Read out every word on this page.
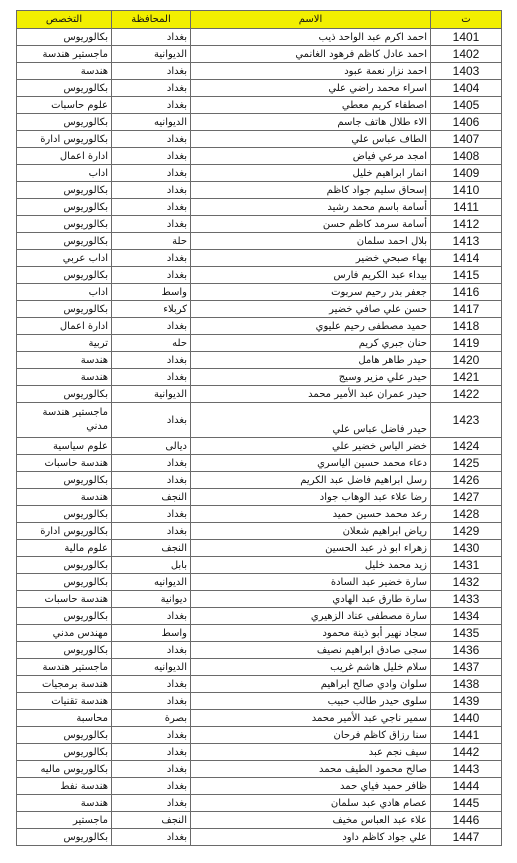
ت	الاسم	المحافظة	التخصص
1401	احمد اكرم عبد الواحد ذيب	بغداد	بكالوريوس
1402	احمد عادل كاظم فرهود الغانمي	الديوانية	ماجستير هندسة
1403	احمد نزار نعمة عبود	بغداد	هندسة
1404	اسراء محمد راضي علي	بغداد	بكالوريوس
1405	اصطفاء كريم معطي	بغداد	علوم حاسبات
1406	الاء طلال هاتف جاسم	الديوانيه	بكالوريوس
1407	الطاف عباس علي	بغداد	بكالوريوس ادارة
1408	امجد مرعي فياض	بغداد	ادارة اعمال
1409	انمار ابراهيم خليل	بغداد	اداب
1410	إسحاق سليم جواد كاظم	بغداد	بكالوريوس
1411	أسامة باسم محمد رشيد	بغداد	بكالوريوس
1412	أسامة سرمد كاظم حسن	بغداد	بكالوريوس
1413	بلال احمد سلمان	حلة	بكالوريوس
1414	بهاء صبحي خضير	بغداد	اداب عربي
1415	بيداء عبد الكريم فارس	بغداد	بكالوريوس
1416	جعفر بدر رحيم سربوت	واسط	اداب
1417	حسن علي صافي خضير	كربلاء	بكالوريوس
1418	حميد مصطفى رحيم عليوي	بغداد	ادارة اعمال
1419	حنان جبري كريم	حله	تربية
1420	حيدر طاهر هامل	بغداد	هندسة
1421	حيدر علي مزير وسيج	بغداد	هندسة
1422	حيدر عمران عبد الأمير محمد	الديوانية	بكالوريوس
1423	حيدر فاضل عباس علي	بغداد	ماجستير هندسة مدني
1424	خضر الياس خضير علي	ديالى	علوم سياسية
1425	دعاء محمد حسين الياسري	بغداد	هندسة حاسبات
1426	رسل ابراهيم فاضل عبد الكريم	بغداد	بكالوريوس
1427	رضا علاء عبد الوهاب جواد	النجف	هندسة
1428	رعد محمد حسين حميد	بغداد	بكالوريوس
1429	رياض ابراهيم شعلان	بغداد	بكالوريوس ادارة
1430	زهراء ابو ذر عبد الحسين	النجف	علوم مالية
1431	زيد محمد خليل	بابل	بكالوريوس
1432	سارة خضير عبد السادة	الديوانيه	بكالوريوس
1433	سارة طارق عبد الهادي	ديوانية	هندسة حاسبات
1434	سارة مصطفى عناد الزهيري	بغداد	بكالوريوس
1435	سجاد نهير أبو ذينة محمود	واسط	مهندس مدني
1436	سجى صادق ابراهيم نصيف	بغداد	بكالوريوس
1437	سلام خليل هاشم غريب	الديوانيه	ماجستير هندسة
1438	سلوان وادي صالح ابراهيم	بغداد	هندسة برمجيات
1439	سلوى حيدر طالب حبيب	بغداد	هندسة تقنيات
1440	سمير ناجي عبد الأمير محمد	بصرة	محاسبة
1441	سنا رزاق كاظم فرحان	بغداد	بكالوريوس
1442	سيف نجم عبد	بغداد	بكالوريوس
1443	صالح محمود الطيف محمد	بغداد	بكالوريوس ماليه
1444	ظافر حميد فياي حمد	بغداد	هندسة نفط
1445	عصام هادي عبد سلمان	بغداد	هندسة
1446	علاء عبد العباس مخيف	النجف	ماجستير
1447	علي جواد كاظم داود	بغداد	بكالوريوس
